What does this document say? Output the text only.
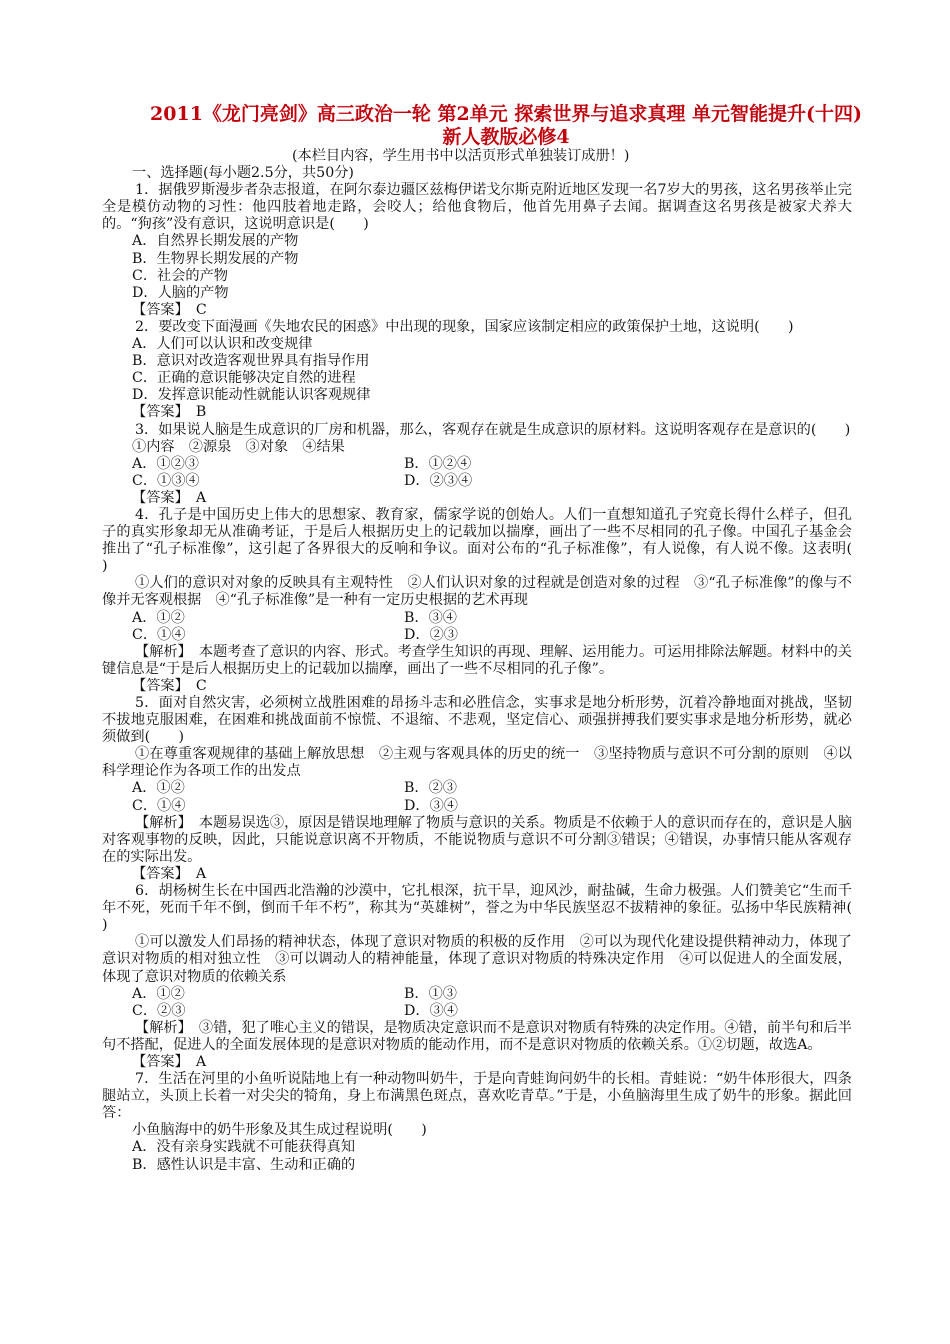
2011《龙门亮剑》高三政治一轮 第2单元 探索世界与追求真理 单元智能提升(十四) 新人教版必修4
(本栏目内容，学生用书中以活页形式单独装订成册！)
一、选择题(每小题2.5分，共50分)
1．据俄罗斯漫步者杂志报道，在阿尔泰边疆区兹梅伊诺戈尔斯克附近地区发现一名7岁大的男孩，这名男孩举止完全是模仿动物的习性：他四肢着地走路，会咬人；给他食物后，他首先用鼻子去闻。据调查这名男孩是被家犬养大的。“狗孩”没有意识，这说明意识是(　　)
A．自然界长期发展的产物
B．生物界长期发展的产物
C．社会的产物
D．人脑的产物
【答案】　C
2．要改变下面漫画《失地农民的困惑》中出现的现象，国家应该制定相应的政策保护土地，这说明(　　)
A．人们可以认识和改变规律
B．意识对改造客观世界具有指导作用
C．正确的意识能够决定自然的进程
D．发挥意识能动性就能认识客观规律
【答案】　B
3．如果说人脑是生成意识的厂房和机器，那么，客观存在就是生成意识的原材料。这说明客观存在是意识的(　　)
①内容　②源泉　③对象　④结果
A．①②③	B．①②④
C．①③④	D．②③④
【答案】　A
4．孔子是中国历史上伟大的思想家、教育家，儒家学说的创始人。人们一直想知道孔子究竟长得什么样子，但孔子的真实形象却无从准确考证，于是后人根据历史上的记载加以揣摩，画出了一些不尽相同的孔子像。中国孔子基金会推出了“孔子标准像”，这引起了各界很大的反响和争议。面对公布的“孔子标准像”，有人说像，有人说不像。这表明(　　)
①人们的意识对对象的反映具有主观特性　②人们认识对象的过程就是创造对象的过程　③“孔子标准像”的像与不像并无客观根据　④“孔子标准像”是一种有一定历史根据的艺术再现
A．①②	B．③④
C．①④	D．②③
【解析】　本题考查了意识的内容、形式。考查学生知识的再现、理解、运用能力。可运用排除法解题。材料中的关键信息是“于是后人根据历史上的记载加以揣摩，画出了一些不尽相同的孔子像”。
【答案】　C
5．面对自然灾害，必须树立战胜困难的昂扬斗志和必胜信念，实事求是地分析形势，沉着冷静地面对挑战，坚韧不拔地克服困难，在困难和挑战面前不惊慌、不退缩、不悲观，坚定信心、顽强拼搏我们要实事求是地分析形势，就必须做到(　　)
①在尊重客观规律的基础上解放思想　②主观与客观具体的历史的统一　③坚持物质与意识不可分割的原则　④以科学理论作为各项工作的出发点
A．①②	B．②③
C．①④	D．③④
【解析】　本题易误选③，原因是错误地理解了物质与意识的关系。物质是不依赖于人的意识而存在的，意识是人脑对客观事物的反映，因此，只能说意识离不开物质，不能说物质与意识不可分割③错误；④错误，办事情只能从客观存在的实际出发。
【答案】　A
6．胡杨树生长在中国西北浩瀚的沙漠中，它扎根深，抗干旱，迎风沙，耐盐碱，生命力极强。人们赞美它“生而千年不死，死而千年不倒，倒而千年不朽”，称其为“英雄树”，誉之为中华民族坚忍不拔精神的象征。弘扬中华民族精神(　　)
①可以激发人们昂扬的精神状态，体现了意识对物质的积极的反作用　②可以为现代化建设提供精神动力，体现了意识对物质的相对独立性　③可以调动人的精神能量，体现了意识对物质的特殊决定作用　④可以促进人的全面发展，体现了意识对物质的依赖关系
A．①②	B．①③
C．②③	D．③④
【解析】　③错，犯了唯心主义的错误，是物质决定意识而不是意识对物质有特殊的决定作用。④错，前半句和后半句不搭配，促进人的全面发展体现的是意识对物质的能动作用，而不是意识对物质的依赖关系。①②切题，故选A。
【答案】　A
7．生活在河里的小鱼听说陆地上有一种动物叫奶牛，于是向青蛙询问奶牛的长相。青蛙说：“奶牛体形很大，四条腿站立，头顶上长着一对尖尖的犄角，身上布满黑色斑点，喜欢吃青草。”于是，小鱼脑海里生成了奶牛的形象。据此回答：
小鱼脑海中的奶牛形象及其生成过程说明(　　)
A．没有亲身实践就不可能获得真知
B．感性认识是丰富、生动和正确的
